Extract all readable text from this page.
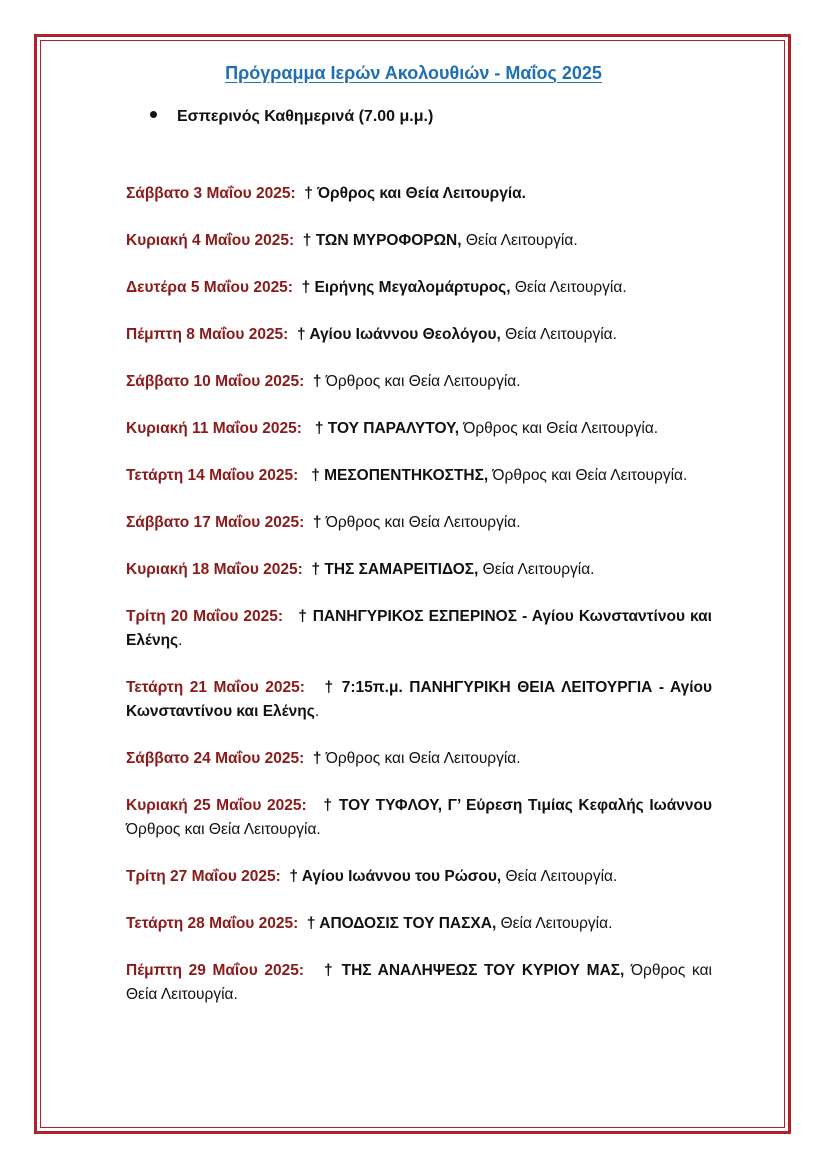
Πρόγραμμα Ιερών Ακολουθιών - Μαΐος 2025
Εσπερινός Καθημερινά (7.00 μ.μ.)
Σάββατο 3 Μαΐου 2025: † Όρθρος και Θεία Λειτουργία.
Κυριακή 4 Μαΐου 2025: † ΤΩΝ ΜΥΡΟΦΟΡΩΝ, Θεία Λειτουργία.
Δευτέρα 5 Μαΐου 2025: † Ειρήνης Μεγαλομάρτυρος, Θεία Λειτουργία.
Πέμπτη 8 Μαΐου 2025: † Αγίου Ιωάννου Θεολόγου, Θεία Λειτουργία.
Σάββατο 10 Μαΐου 2025: † Όρθρος και Θεία Λειτουργία.
Κυριακή 11 Μαΐου 2025: † ΤΟΥ ΠΑΡΑΛΥΤΟΥ, Όρθρος και Θεία Λειτουργία.
Τετάρτη 14 Μαΐου 2025: † ΜΕΣΟΠΕΝΤΗΚΟΣΤΗΣ, Όρθρος και Θεία Λειτουργία.
Σάββατο 17 Μαΐου 2025: † Όρθρος και Θεία Λειτουργία.
Κυριακή 18 Μαΐου 2025: † ΤΗΣ ΣΑΜΑΡΕΙΤΙΔΟΣ, Θεία Λειτουργία.
Τρίτη 20 Μαΐου 2025: † ΠΑΝΗΓΥΡΙΚΟΣ ΕΣΠΕΡΙΝΟΣ - Αγίου Κωνσταντίνου και Ελένης.
Τετάρτη 21 Μαΐου 2025: † 7:15π.μ. ΠΑΝΗΓΥΡΙΚΗ ΘΕΙΑ ΛΕΙΤΟΥΡΓΙΑ - Αγίου Κωνσταντίνου και Ελένης.
Σάββατο 24 Μαΐου 2025: † Όρθρος και Θεία Λειτουργία.
Κυριακή 25 Μαΐου 2025: † ΤΟΥ ΤΥΦΛΟΥ, Γ’ Εύρεση Τιμίας Κεφαλής Ιωάννου Όρθρος και Θεία Λειτουργία.
Τρίτη 27 Μαΐου 2025: † Αγίου Ιωάννου του Ρώσου, Θεία Λειτουργία.
Τετάρτη 28 Μαΐου 2025: † ΑΠΟΔΟΣΙΣ ΤΟΥ ΠΑΣΧΑ, Θεία Λειτουργία.
Πέμπτη 29 Μαΐου 2025: † ΤΗΣ ΑΝΑΛΗΨΕΩΣ ΤΟΥ ΚΥΡΙΟΥ ΜΑΣ, Όρθρος και Θεία Λειτουργία.
